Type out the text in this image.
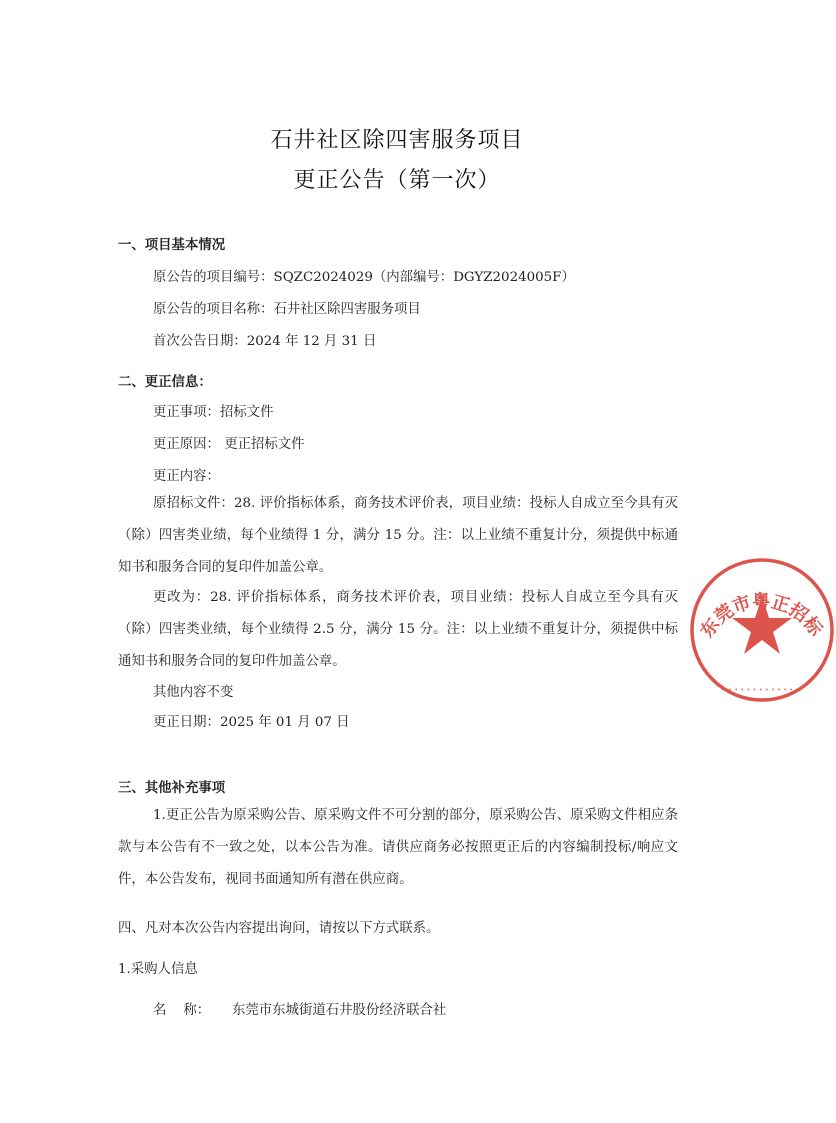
石井社区除四害服务项目
更正公告（第一次）
一、项目基本情况
原公告的项目编号：SQZC2024029（内部编号：DGYZ2024005F）
原公告的项目名称：石井社区除四害服务项目
首次公告日期：2024 年 12 月 31 日
二、更正信息：
更正事项：招标文件
更正原因： 更正招标文件
更正内容：
原招标文件：28. 评价指标体系，商务技术评价表，项目业绩：投标人自成立至今具有灭（除）四害类业绩，每个业绩得 1 分，满分 15 分。注：以上业绩不重复计分，须提供中标通知书和服务合同的复印件加盖公章。
更改为：28. 评价指标体系，商务技术评价表，项目业绩：投标人自成立至今具有灭（除）四害类业绩，每个业绩得 2.5 分，满分 15 分。注：以上业绩不重复计分，须提供中标通知书和服务合同的复印件加盖公章。
其他内容不变
更正日期：2025 年 01 月 07 日
三、其他补充事项
1.更正公告为原采购公告、原采购文件不可分割的部分，原采购公告、原采购文件相应条款与本公告有不一致之处，以本公告为准。请供应商务必按照更正后的内容编制投标/响应文件，本公告发布，视同书面通知所有潜在供应商。
四、凡对本次公告内容提出询问，请按以下方式联系。
1.采购人信息
名    称： 东莞市东城街道石井股份经济联合社
东莞市粤正招标
•••••••••••
